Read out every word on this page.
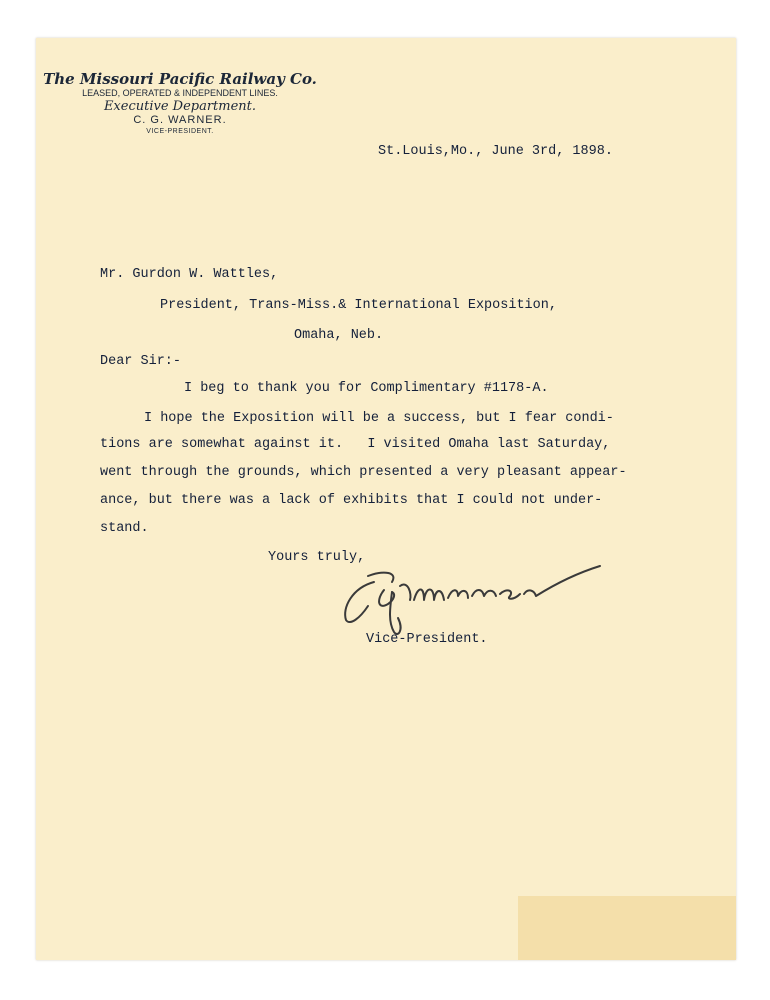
The Missouri Pacific Railway Co.
LEASED, OPERATED & INDEPENDENT LINES.
Executive Department.
C. G. WARNER.
VICE-PRESIDENT.

St.Louis,Mo., June 3rd, 1898.

Mr. Gurdon W. Wattles,

President, Trans-Miss.& International Exposition,

Omaha, Neb.

Dear Sir:-

I beg to thank you for Complimentary #1178-A.

I hope the Exposition will be a success, but I fear condi-

tions are somewhat against it.   I visited Omaha last Saturday,

went through the grounds, which presented a very pleasant appear-

ance, but there was a lack of exhibits that I could not under-

stand.

Yours truly,

Vice-President.
